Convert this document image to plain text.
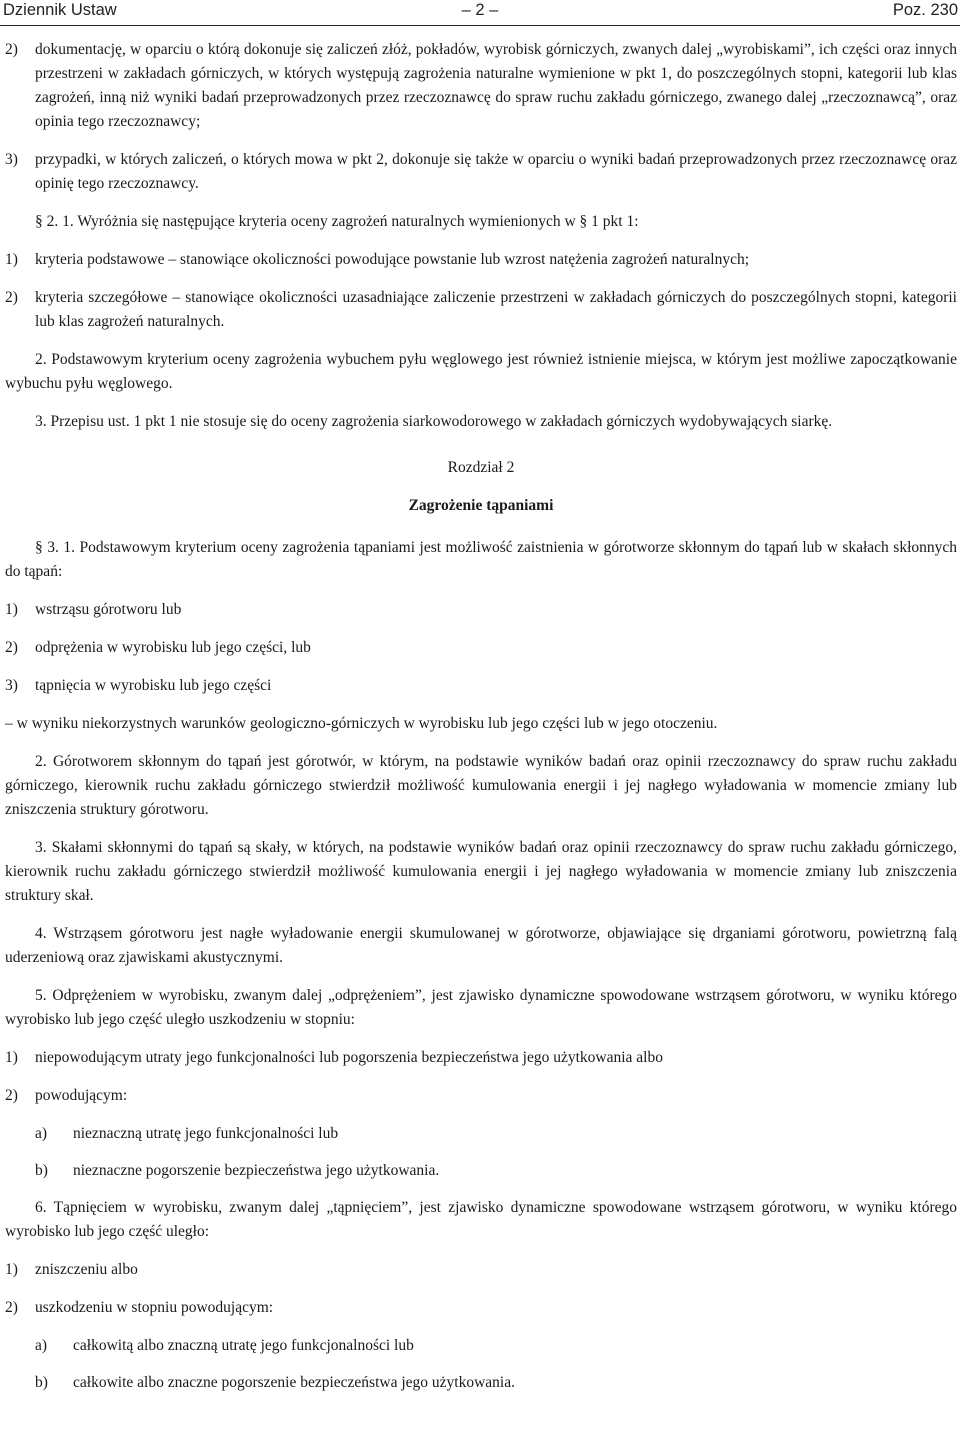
Dziennik Ustaw	– 2 –	Poz. 230
2) dokumentację, w oparciu o którą dokonuje się zaliczeń złóż, pokładów, wyrobisk górniczych, zwanych dalej „wyrobiskami”, ich części oraz innych przestrzeni w zakładach górniczych, w których występują zagrożenia naturalne wymienione w pkt 1, do poszczególnych stopni, kategorii lub klas zagrożeń, inną niż wyniki badań przeprowadzonych przez rzeczoznawcę do spraw ruchu zakładu górniczego, zwanego dalej „rzeczoznawcą”, oraz opinia tego rzeczoznawcy;
3) przypadki, w których zaliczeń, o których mowa w pkt 2, dokonuje się także w oparciu o wyniki badań przeprowadzonych przez rzeczoznawcę oraz opinię tego rzeczoznawcy.

§ 2. 1. Wyróżnia się następujące kryteria oceny zagrożeń naturalnych wymienionych w § 1 pkt 1:

1) kryteria podstawowe – stanowiące okoliczności powodujące powstanie lub wzrost natężenia zagrożeń naturalnych;
2) kryteria szczegółowe – stanowiące okoliczności uzasadniające zaliczenie przestrzeni w zakładach górniczych do poszczególnych stopni, kategorii lub klas zagrożeń naturalnych.

2. Podstawowym kryterium oceny zagrożenia wybuchem pyłu węglowego jest również istnienie miejsca, w którym jest możliwe zapoczątkowanie wybuchu pyłu węglowego.

3. Przepisu ust. 1 pkt 1 nie stosuje się do oceny zagrożenia siarkowodorowego w zakładach górniczych wydobywających siarkę.

Rozdział 2
Zagrożenie tąpaniami

§ 3. 1. Podstawowym kryterium oceny zagrożenia tąpaniami jest możliwość zaistnienia w górotworze skłonnym do tąpań lub w skałach skłonnych do tąpań:

1) wstrząsu górotworu lub
2) odprężenia w wyrobisku lub jego części, lub
3) tąpnięcia w wyrobisku lub jego części

– w wyniku niekorzystnych warunków geologiczno-górniczych w wyrobisku lub jego części lub w jego otoczeniu.

2. Górotworem skłonnym do tąpań jest górotwór, w którym, na podstawie wyników badań oraz opinii rzeczoznawcy do spraw ruchu zakładu górniczego, kierownik ruchu zakładu górniczego stwierdził możliwość kumulowania energii i jej nagłego wyładowania w momencie zmiany lub zniszczenia struktury górotworu.

3. Skałami skłonnymi do tąpań są skały, w których, na podstawie wyników badań oraz opinii rzeczoznawcy do spraw ruchu zakładu górniczego, kierownik ruchu zakładu górniczego stwierdził możliwość kumulowania energii i jej nagłego wyładowania w momencie zmiany lub zniszczenia struktury skał.

4. Wstrząsem górotworu jest nagłe wyładowanie energii skumulowanej w górotworze, objawiające się drganiami górotworu, powietrzną falą uderzeniową oraz zjawiskami akustycznymi.

5. Odprężeniem w wyrobisku, zwanym dalej „odprężeniem”, jest zjawisko dynamiczne spowodowane wstrząsem górotworu, w wyniku którego wyrobisko lub jego część uległo uszkodzeniu w stopniu:

1) niepowodującym utraty jego funkcjonalności lub pogorszenia bezpieczeństwa jego użytkowania albo
2) powodującym:
a) nieznaczną utratę jego funkcjonalności lub
b) nieznaczne pogorszenie bezpieczeństwa jego użytkowania.

6. Tąpnięciem w wyrobisku, zwanym dalej „tąpnięciem”, jest zjawisko dynamiczne spowodowane wstrząsem górotworu, w wyniku którego wyrobisko lub jego część uległo:

1) zniszczeniu albo
2) uszkodzeniu w stopniu powodującym:
a) całkowitą albo znaczną utratę jego funkcjonalności lub
b) całkowite albo znaczne pogorszenie bezpieczeństwa jego użytkowania.
